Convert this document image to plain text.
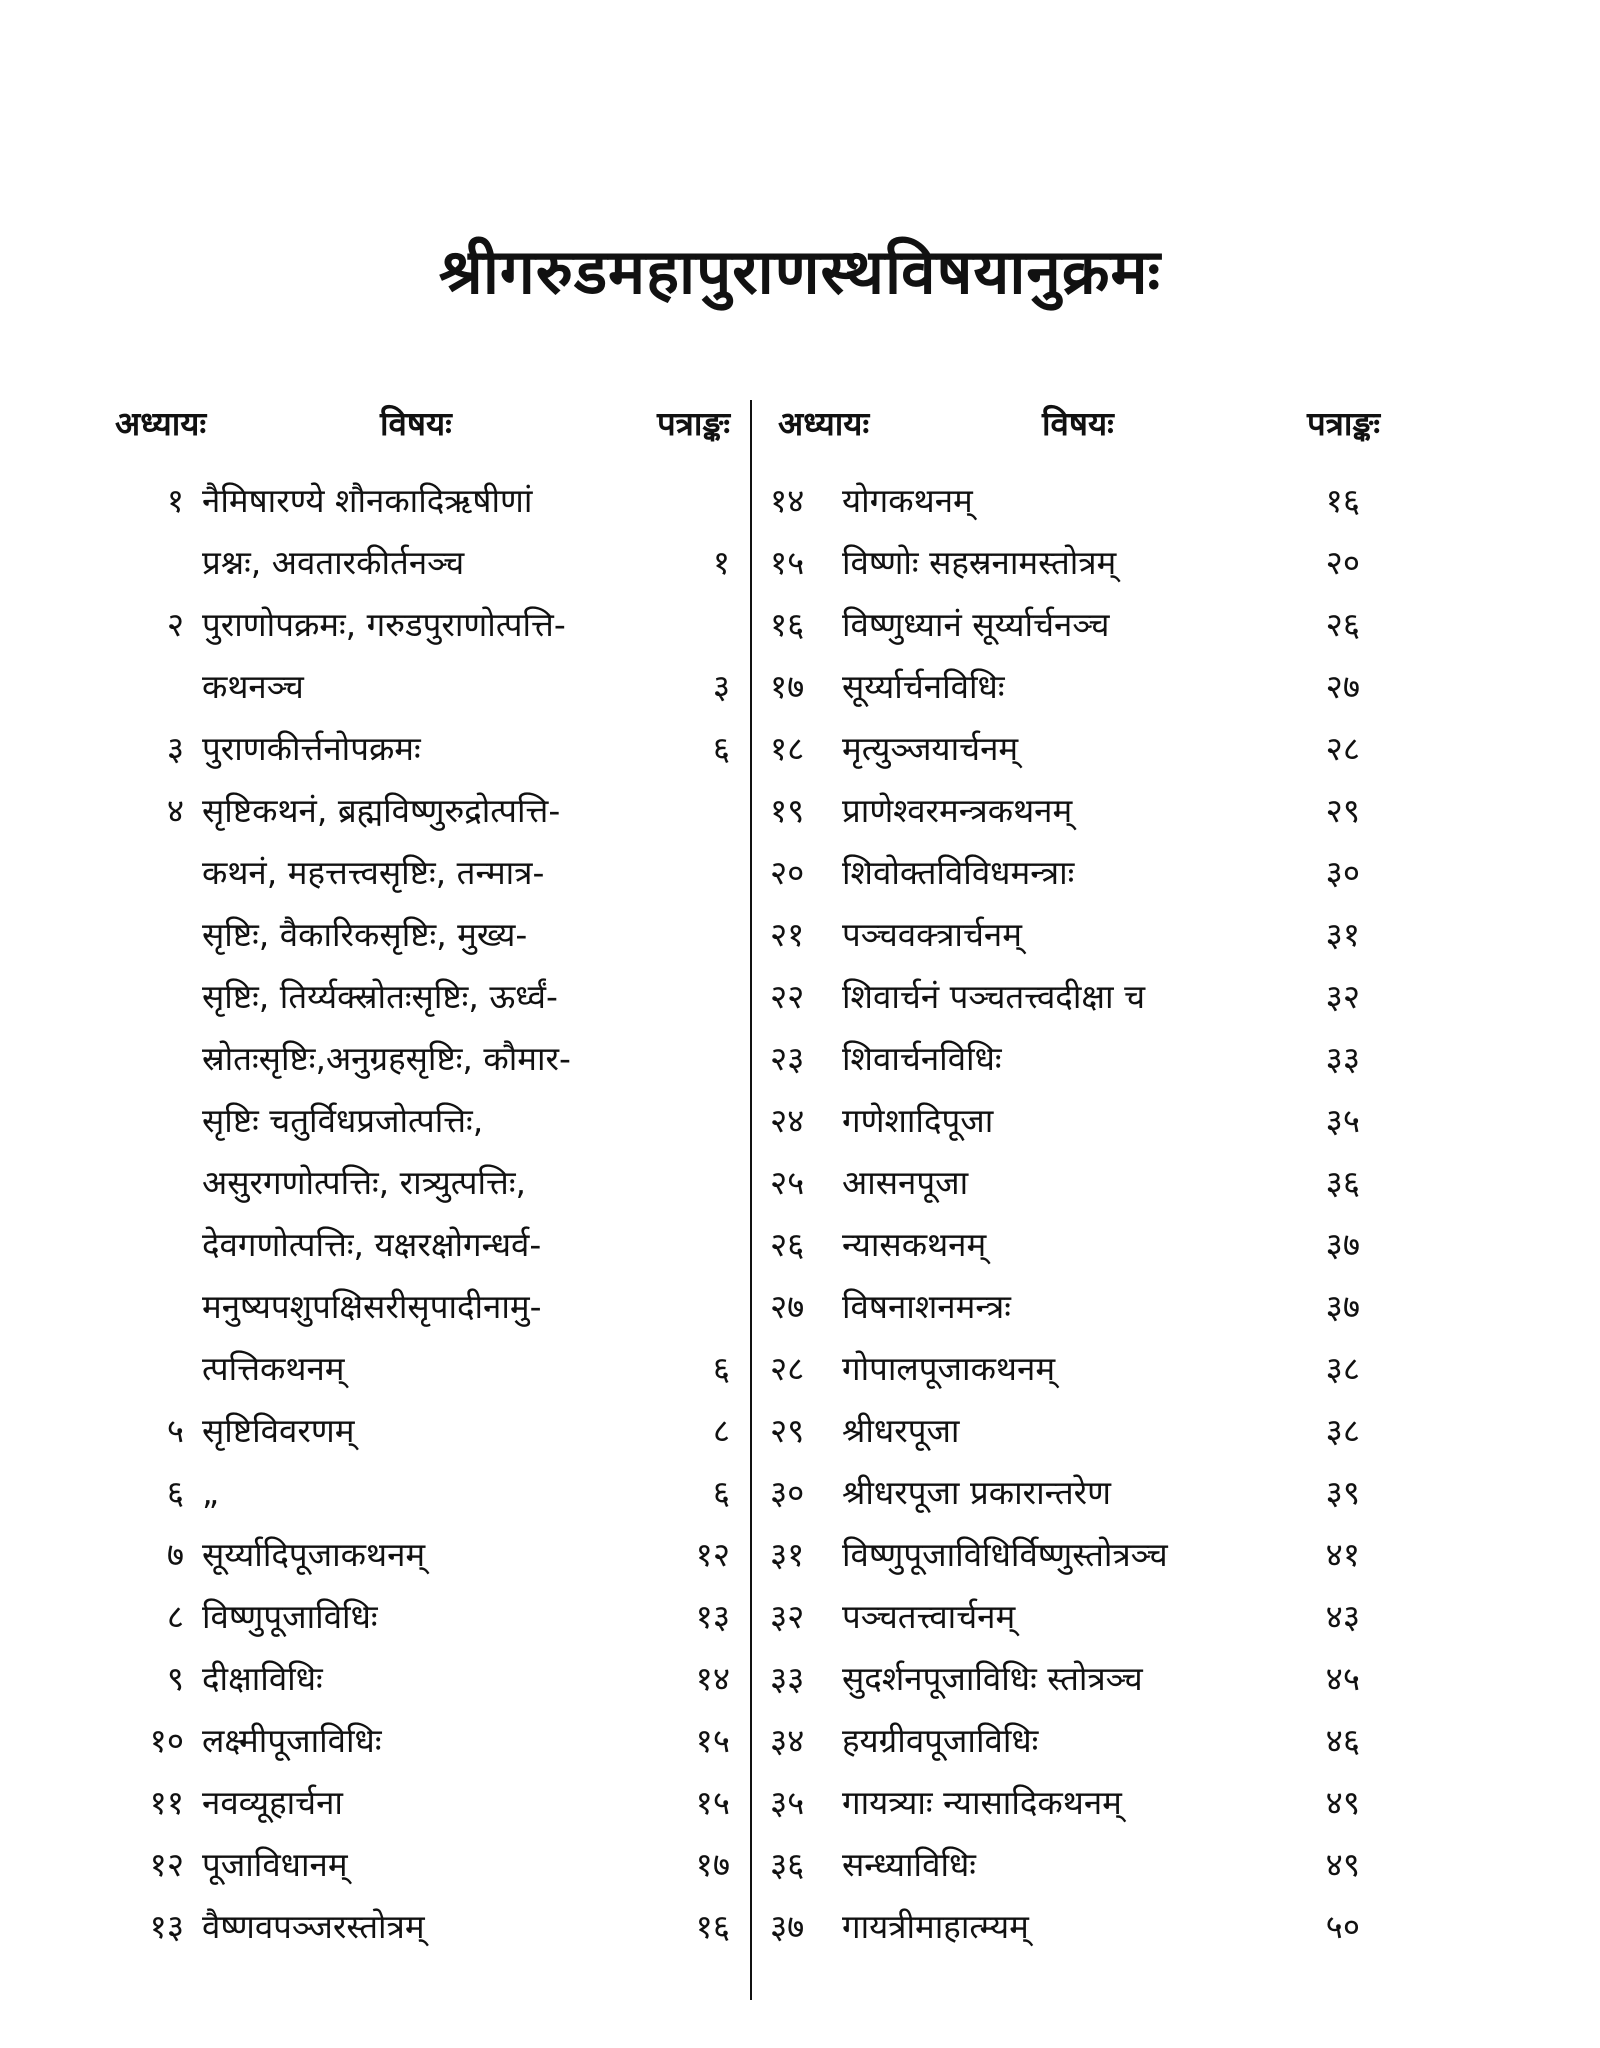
श्रीगरुडमहापुराणस्थविषयानुक्रमः
अध्यायः	विषयः	पत्राङ्कः
१ नैमिषारण्ये शौनकादिऋषीणां
प्रश्नः, अवतारकीर्तनञ्च	१
२ पुराणोपक्रमः, गरुडपुराणोत्पत्ति-
कथनञ्च	३
३ पुराणकीर्त्तनोपक्रमः	६
४ सृष्टिकथनं, ब्रह्मविष्णुरुद्रोत्पत्ति-
कथनं, महत्तत्त्वसृष्टिः, तन्मात्र-
सृष्टिः, वैकारिकसृष्टिः, मुख्य-
सृष्टिः, तिर्य्यक्स्रोतःसृष्टिः, ऊर्ध्वं-
स्रोतःसृष्टिः,अनुग्रहसृष्टिः, कौमार-
सृष्टिः चतुर्विधप्रजोत्पत्तिः,
असुरगणोत्पत्तिः, रात्र्युत्पत्तिः,
देवगणोत्पत्तिः, यक्षरक्षोगन्धर्व-
मनुष्यपशुपक्षिसरीसृपादीनामु-
त्पत्तिकथनम्	६
५ सृष्टिविवरणम्	८
६ „	६
७ सूर्य्यादिपूजाकथनम्	१२
८ विष्णुपूजाविधिः	१३
९ दीक्षाविधिः	१४
१० लक्ष्मीपूजाविधिः	१५
११ नवव्यूहार्चना	१५
१२ पूजाविधानम्	१७
१३ वैष्णवपञ्जरस्तोत्रम्	१६
अध्यायः	विषयः	पत्राङ्कः
१४	योगकथनम्	१६
१५	विष्णोः सहस्रनामस्तोत्रम्	२०
१६	विष्णुध्यानं सूर्य्यार्चनञ्च	२६
१७	सूर्य्यार्चनविधिः	२७
१८	मृत्युञ्जयार्चनम्	२८
१९	प्राणेश्वरमन्त्रकथनम्	२९
२०	शिवोक्तविविधमन्त्राः	३०
२१	पञ्चवक्त्रार्चनम्	३१
२२	शिवार्चनं पञ्चतत्त्वदीक्षा च	३२
२३	शिवार्चनविधिः	३३
२४	गणेशादिपूजा	३५
२५	आसनपूजा	३६
२६	न्यासकथनम्	३७
२७	विषनाशनमन्त्रः	३७
२८	गोपालपूजाकथनम्	३८
२९	श्रीधरपूजा	३८
३०	श्रीधरपूजा प्रकारान्तरेण	३९
३१	विष्णुपूजाविधिर्विष्णुस्तोत्रञ्च	४१
३२	पञ्चतत्त्वार्चनम्	४३
३३	सुदर्शनपूजाविधिः स्तोत्रञ्च	४५
३४	हयग्रीवपूजाविधिः	४६
३५	गायत्र्याः न्यासादिकथनम्	४९
३६	सन्ध्याविधिः	४९
३७	गायत्रीमाहात्म्यम्	५०
